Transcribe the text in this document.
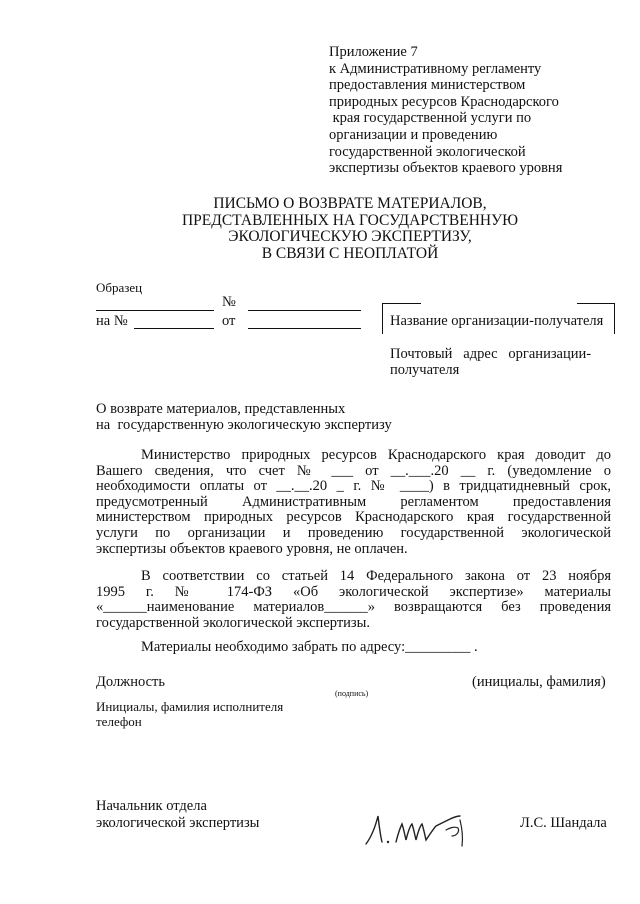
Приложение 7
к Административному регламенту
предоставления министерством
природных ресурсов Краснодарского
края государственной услуги по
организации и проведению
государственной экологической
экспертизы объектов краевого уровня
ПИСЬМО О ВОЗВРАТЕ МАТЕРИАЛОВ,
ПРЕДСТАВЛЕННЫХ НА ГОСУДАРСТВЕННУЮ
ЭКОЛОГИЧЕСКУЮ ЭКСПЕРТИЗУ,
В СВЯЗИ С НЕОПЛАТОЙ
Образец
№
на №	от	Название организации-получателя
Почтовый   адрес   организации-
получателя
О возврате материалов, представленных
на  государственную экологическую экспертизу
Министерство природных ресурсов Краснодарского края доводит до
Вашего сведения, что счет № ___ от __.___.20 __ г. (уведомление о
необходимости оплаты от __.__.20 _ г. № ____) в тридцатидневный срок,
предусмотренный Административным регламентом предоставления
министерством природных ресурсов Краснодарского края государственной
услуги по организации и проведению государственной экологической
экспертизы объектов краевого уровня, не оплачен.
В соответствии со статьей 14 Федерального закона от 23 ноября
1995 г. № 174-ФЗ «Об экологической экспертизе» материалы
«______наименование материалов______» возвращаются без проведения
государственной экологической экспертизы.
Материалы необходимо забрать по адресу:_________ .
Должность	(инициалы, фамилия)
(подпись)
Инициалы, фамилия исполнителя
телефон
Начальник отдела
экологической экспертизы	Л.С. Шандала
